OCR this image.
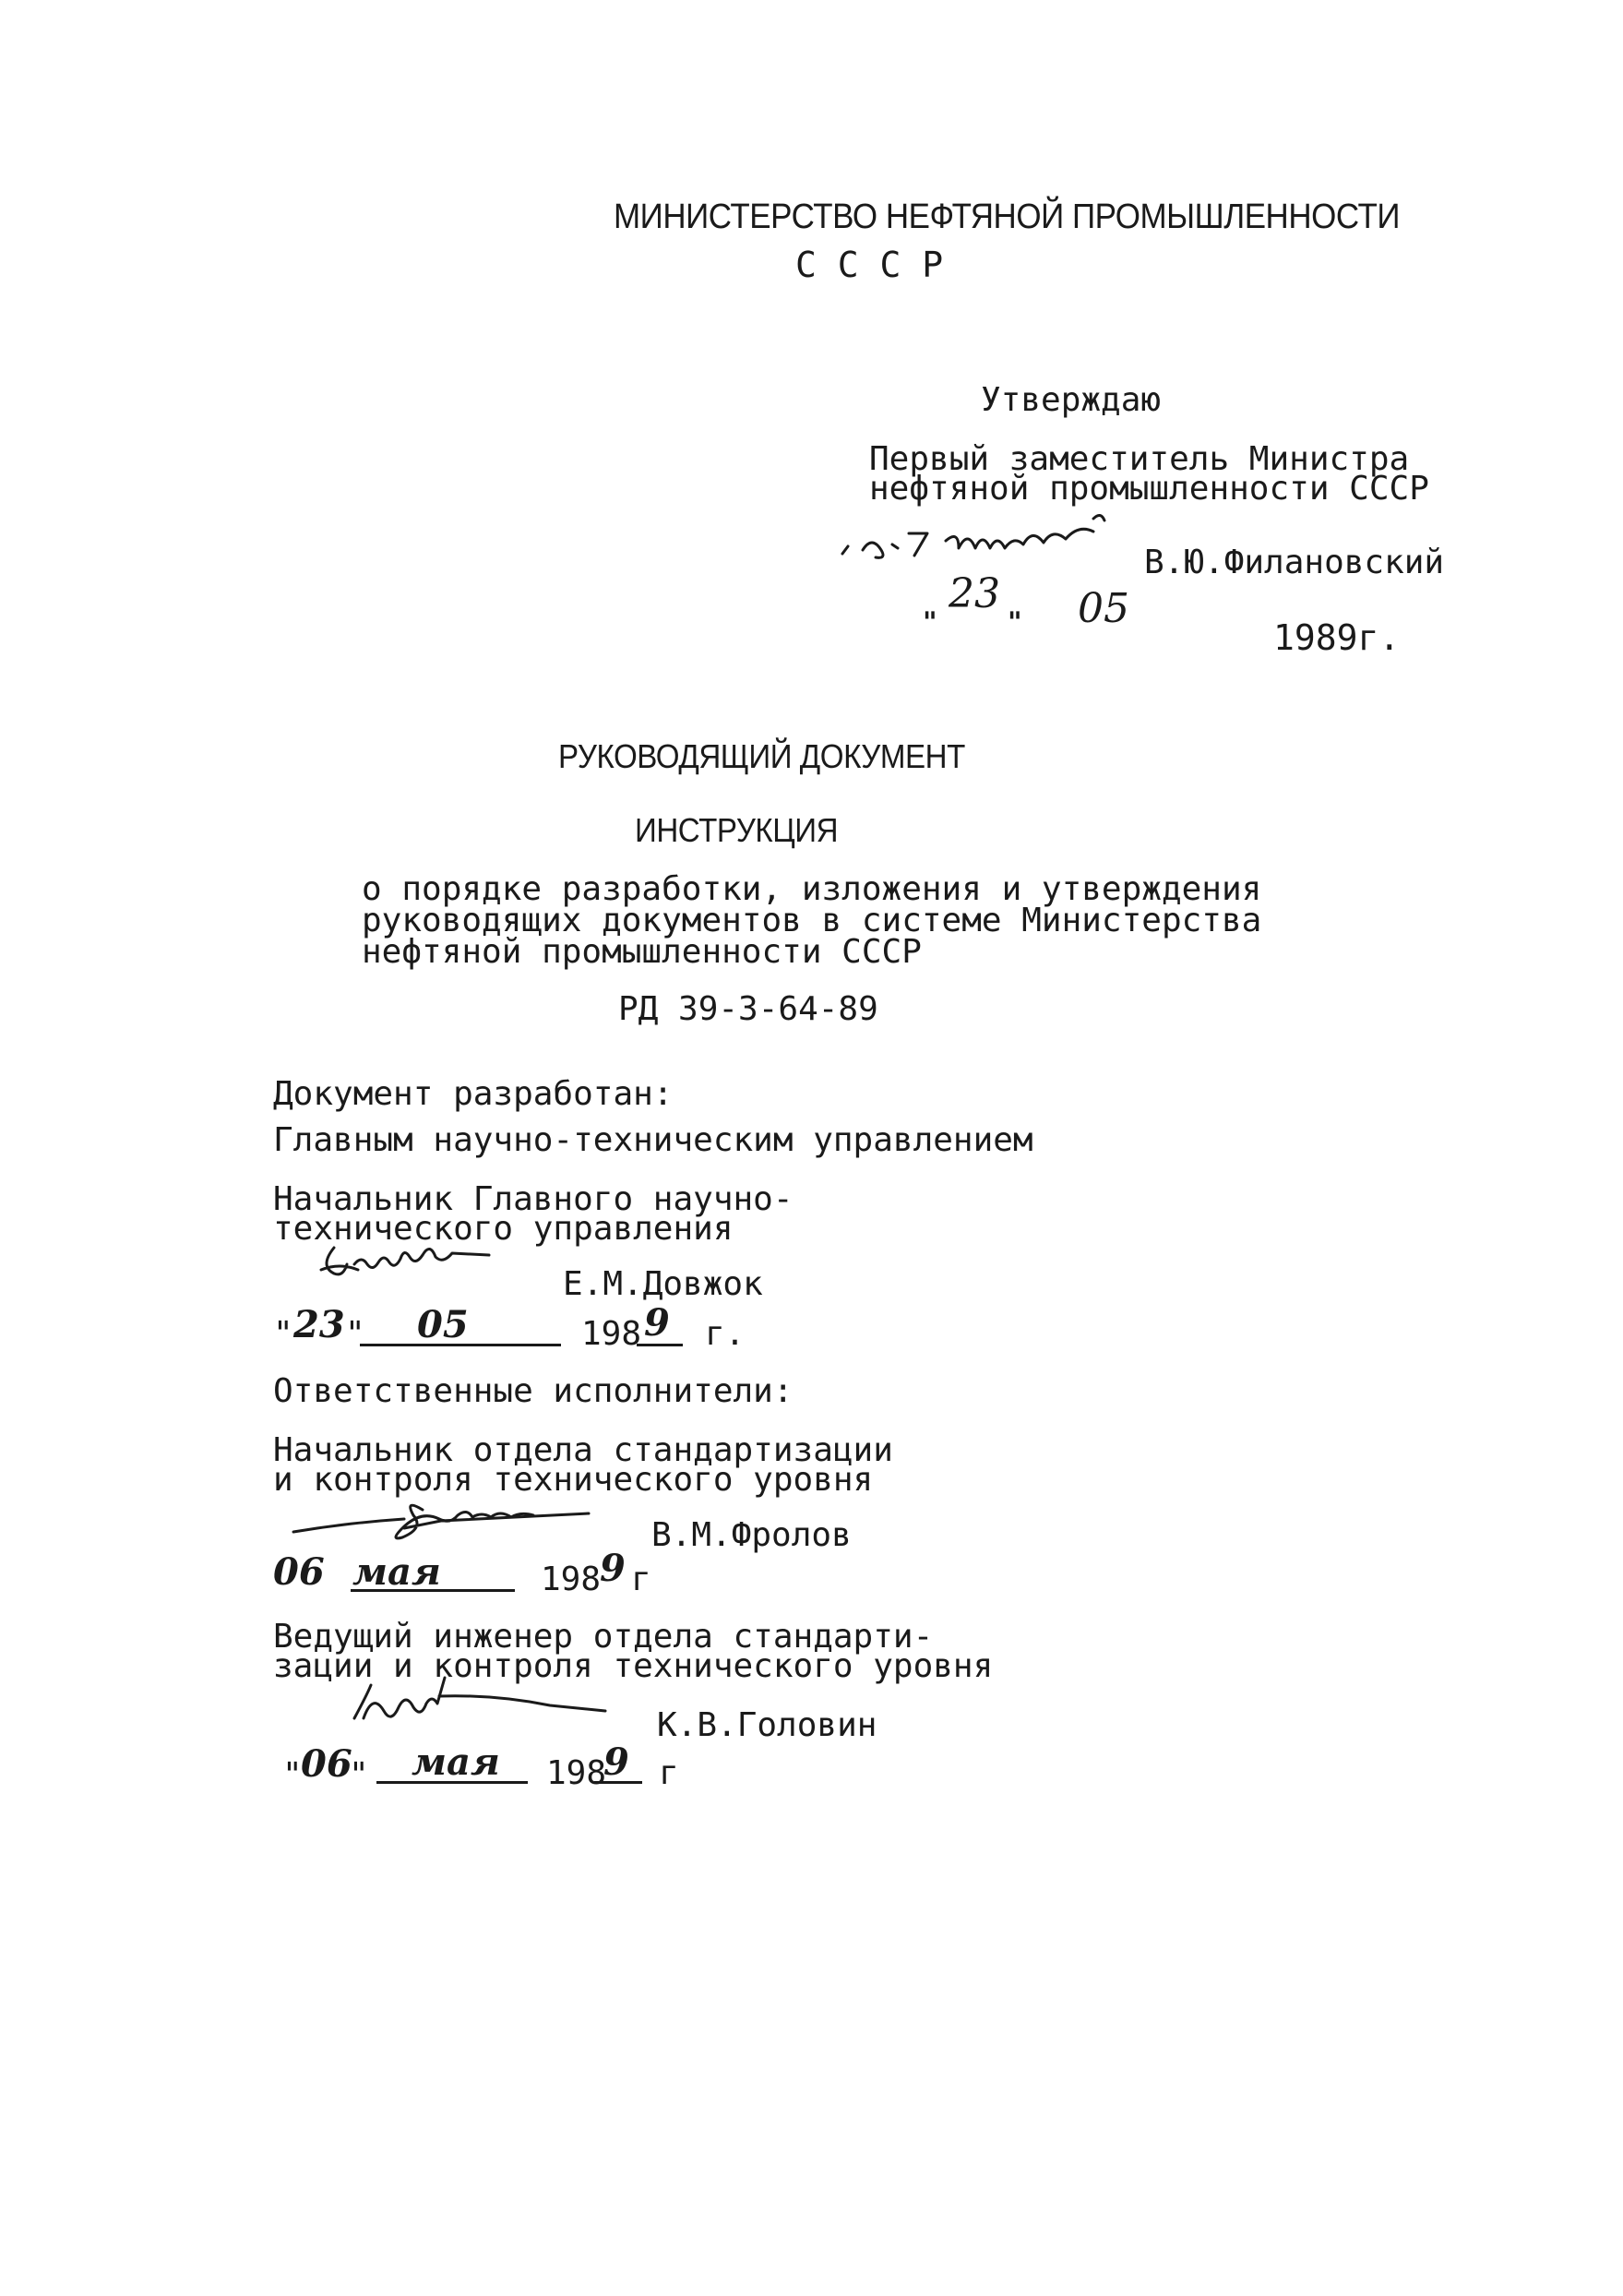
МИНИСТЕРСТВО НЕФТЯНОЙ ПРОМЫШЛЕННОСТИ
С С С Р
Утверждаю
Первый заместитель Министра
нефтяной промышленности СССР
В.Ю.Филановский
"
23
" 05
1989г.
РУКОВОДЯЩИЙ ДОКУМЕНТ
ИНСТРУКЦИЯ
о порядке разработки, изложения и утверждения
руководящих документов в системе Министерства
нефтяной промышленности СССР
РД 39-3-64-89
Документ разработан:
Главным научно-техническим управлением
Начальник Главного научно-
технического управления
Е.М.Довжок
" 23 " 05	198 9 г.
Ответственные исполнители:
Начальник отдела стандартизации
и контроля технического уровня
В.М.Фролов
06 мая	198
9 г
Ведущий инженер отдела стандарти-
зации и контроля технического уровня
К.В.Головин
"
06
" мая 198
9 г
